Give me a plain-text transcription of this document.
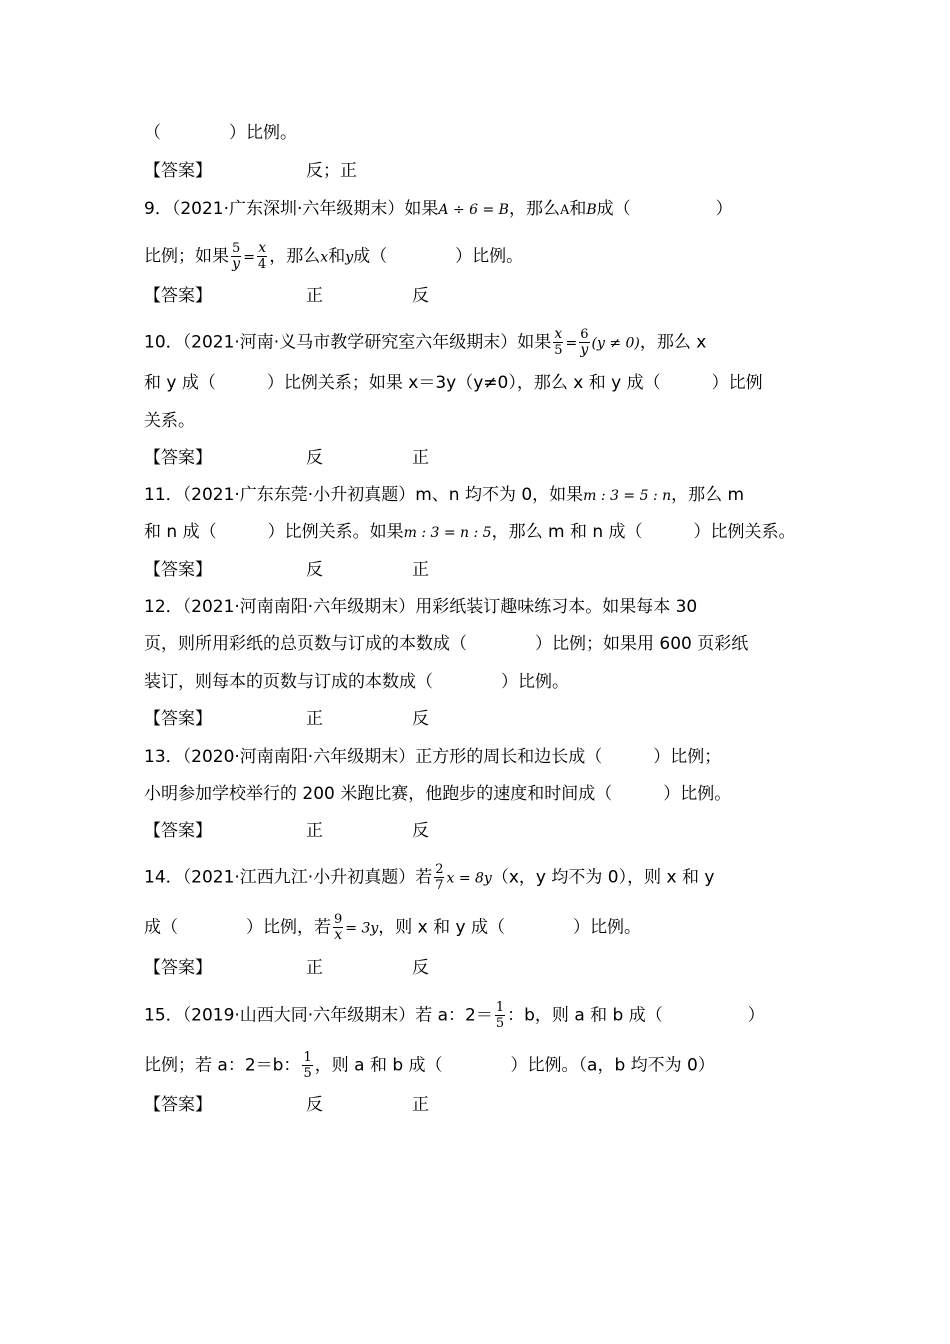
（　　　　）比例。
【答案】	反；正
9．（2021·广东深圳·六年级期末）如果A ÷ 6 = B，那么A和B成（　　　　　）
比例；如果 $\frac{5}{y} = \frac{x}{4}$ ，那么x和y成（　　　　）比例。
【答案】	正	反
10．（2021·河南·义马市教学研究室六年级期末）如果 $\frac{x}{5} = \frac{6}{y} (y \ne 0)$，那么 x
和 y 成（　　　）比例关系；如果 x＝3y（y≠0），那么 x 和 y 成（　　　）比例
关系。
【答案】	反	正
11．（2021·广东东莞·小升初真题）m、n 均不为 0，如果m : 3 = 5 : n，那么 m
和 n 成（　　　）比例关系。如果m : 3 = n : 5，那么 m 和 n 成（　　　）比例关系。
【答案】	反	正
12．（2021·河南南阳·六年级期末）用彩纸装订趣味练习本。如果每本 30
页，则所用彩纸的总页数与订成的本数成（　　　　）比例；如果用 600 页彩纸
装订，则每本的页数与订成的本数成（　　　　）比例。
【答案】	正	反
13．（2020·河南南阳·六年级期末）正方形的周长和边长成（　　　）比例；
小明参加学校举行的 200 米跑比赛，他跑步的速度和时间成（　　　）比例。
【答案】	正	反
14．（2021·江西九江·小升初真题）若 $\frac{2}{7}$ x = 8y（x，y 均不为 0），则 x 和 y
成（　　　　）比例，若 $\frac{9}{x} = 3y$，则 x 和 y 成（　　　　）比例。
【答案】	正	反
15．（2019·山西大同·六年级期末）若 a：$2= \frac{1}{5}$ ：b，则 a 和 b 成（　　　　　）
比例；若 a：2＝b： $\frac{1}{5}$ ，则 a 和 b 成（　　　　）比例。（a，b 均不为 0）
【答案】	反	正
